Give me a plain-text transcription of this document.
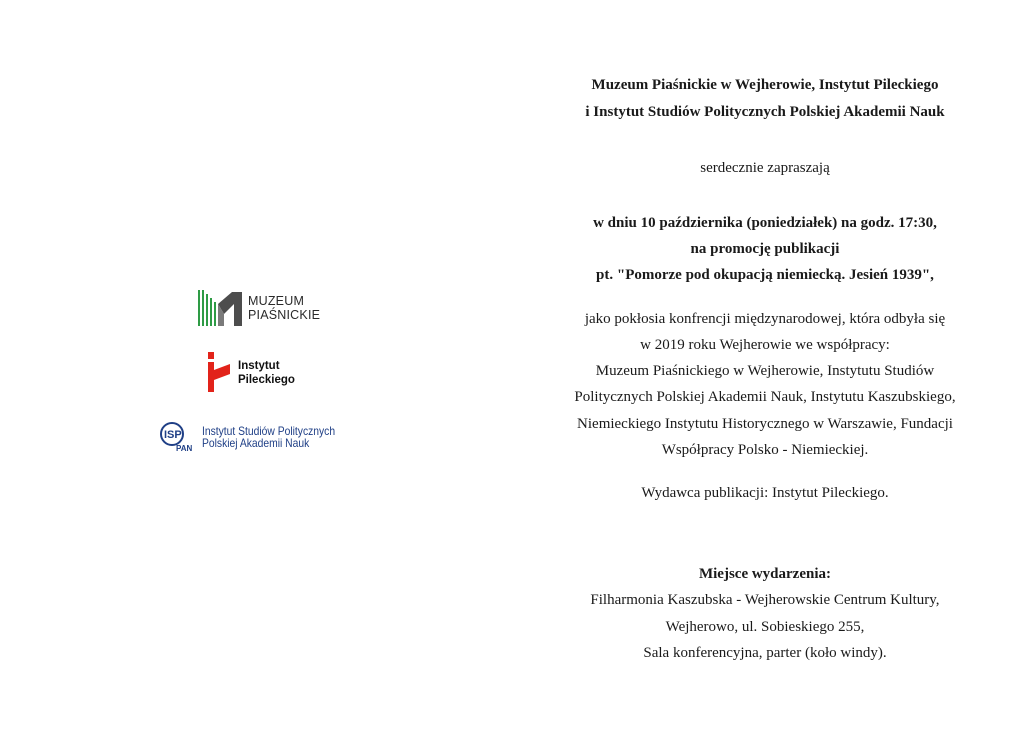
MUZEUM
PIAŚNICKIE
Instytut
Pileckiego
ISP
PAN
Instytut Studiów Politycznych
Polskiej Akademii Nauk
Muzeum Piaśnickie w Wejherowie, Instytut Pileckiego
i Instytut Studiów Politycznych Polskiej Akademii Nauk
serdecznie zapraszają
w dniu 10 października (poniedziałek) na godz. 17:30,
na promocję publikacji
pt. "Pomorze pod okupacją niemiecką. Jesień 1939",
jako pokłosia konfrencji międzynarodowej, która odbyła się
w 2019 roku Wejherowie we współpracy:
Muzeum Piaśnickiego w Wejherowie, Instytutu Studiów
Politycznych Polskiej Akademii Nauk, Instytutu Kaszubskiego,
Niemieckiego Instytutu Historycznego w Warszawie, Fundacji
Współpracy Polsko - Niemieckiej.
Wydawca publikacji: Instytut Pileckiego.
Miejsce wydarzenia:
Filharmonia Kaszubska - Wejherowskie Centrum Kultury,
Wejherowo, ul. Sobieskiego 255,
Sala konferencyjna, parter (koło windy).
